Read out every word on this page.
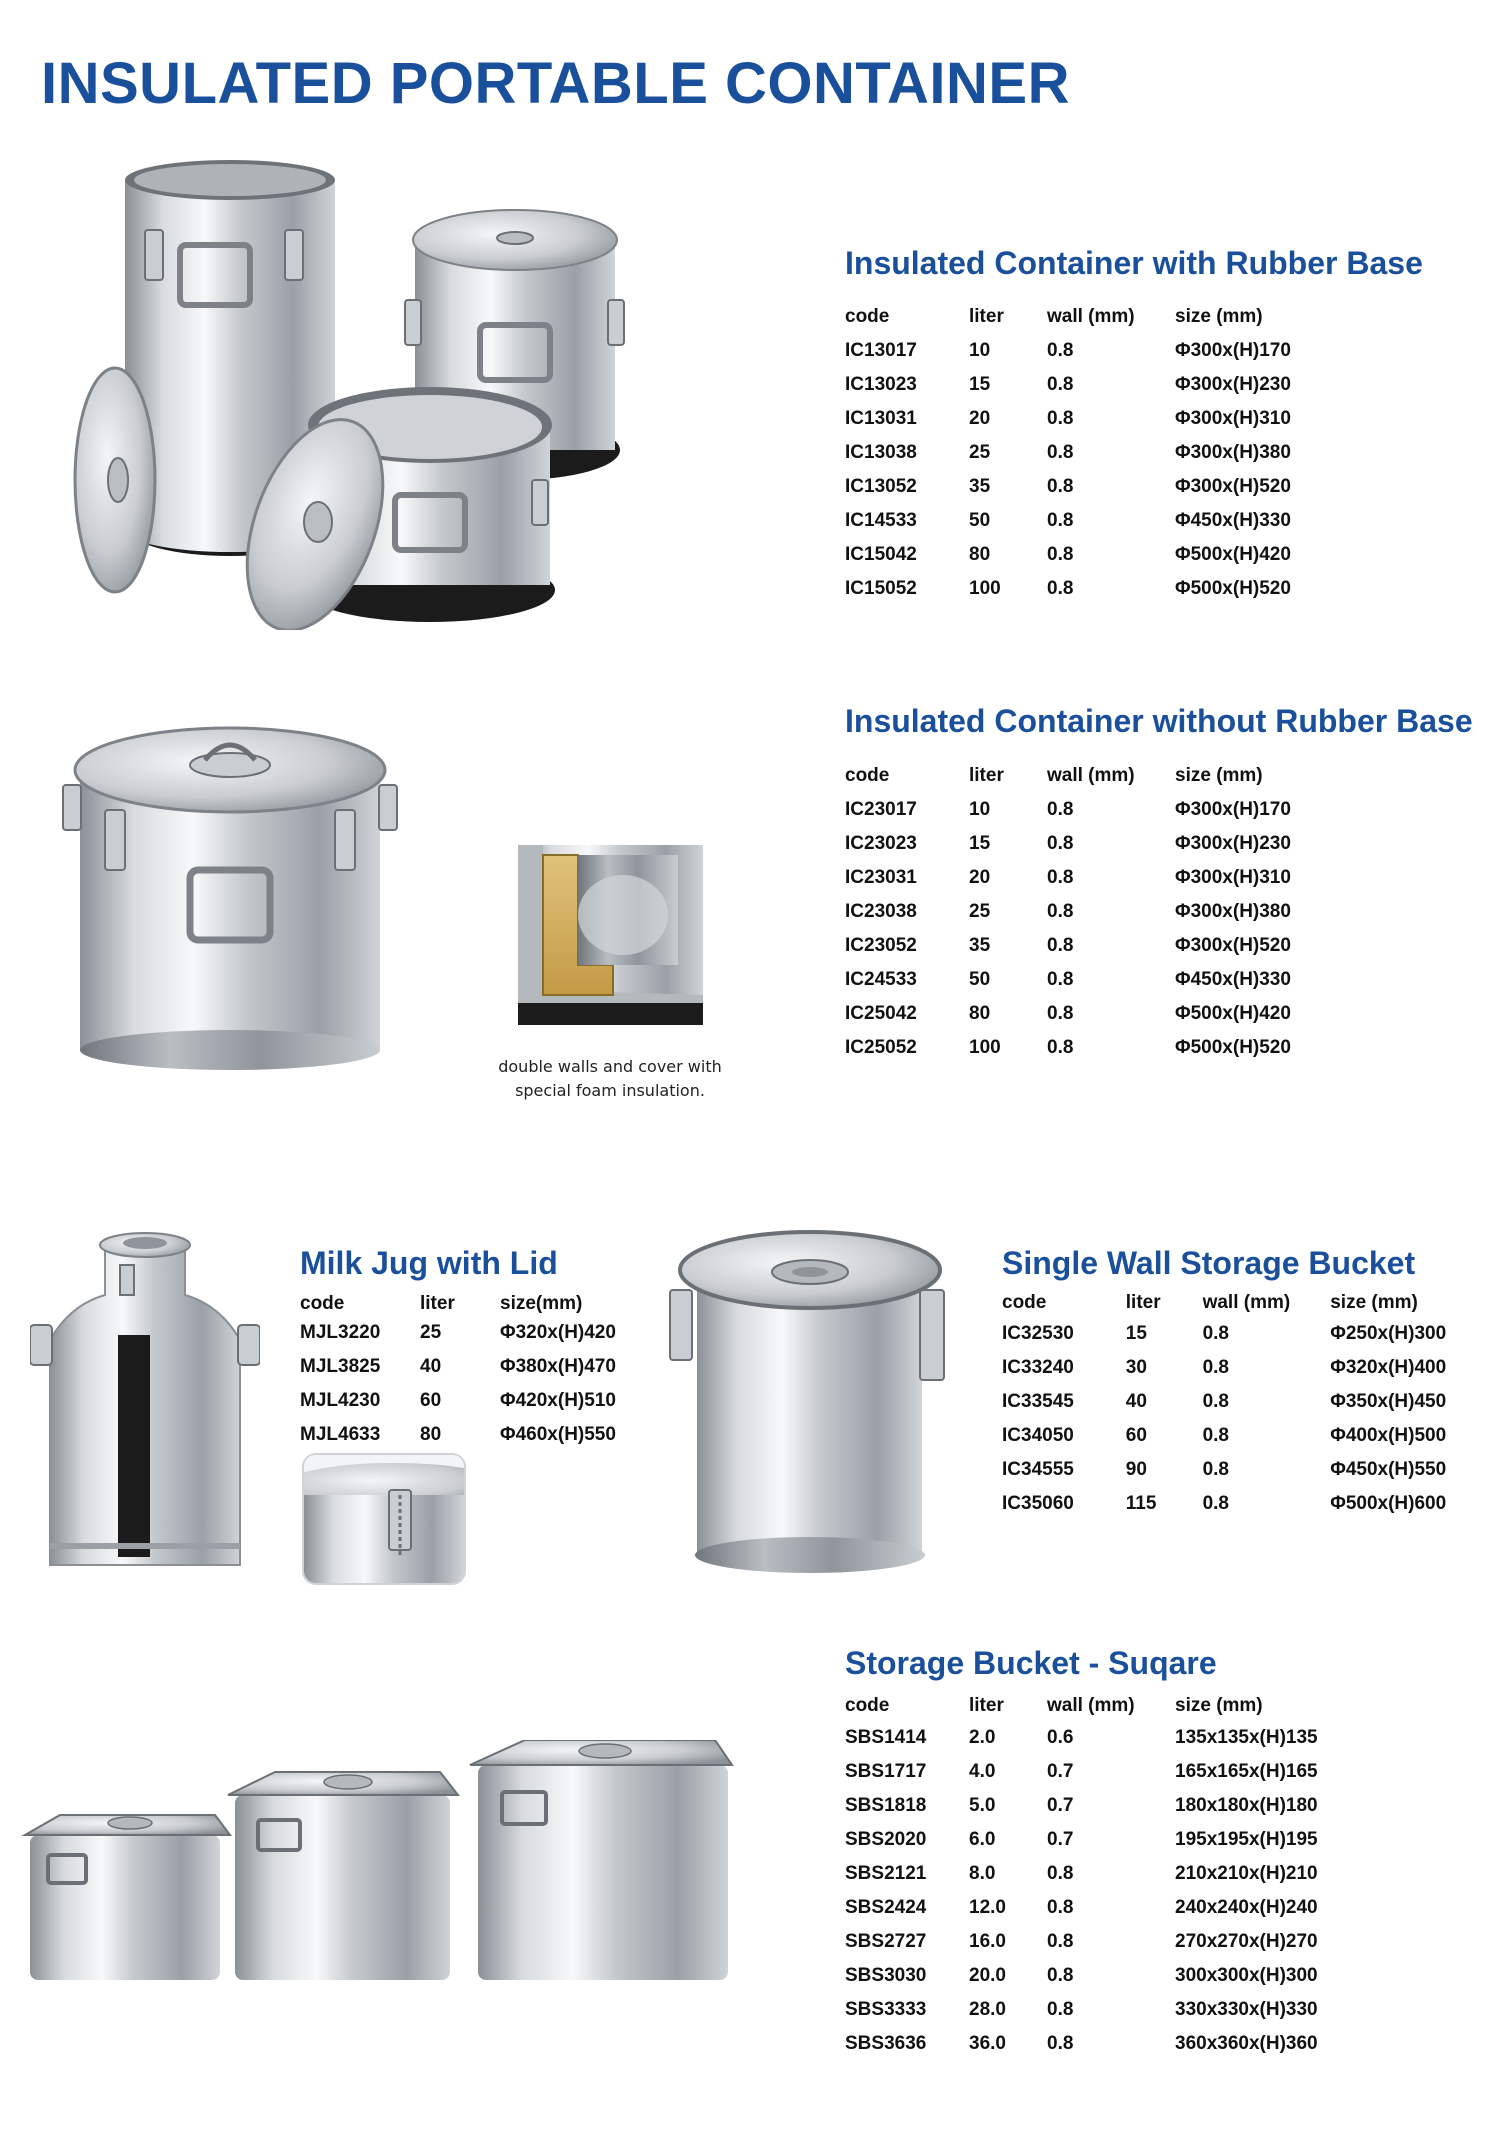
INSULATED PORTABLE CONTAINER
Insulated Container with Rubber Base
code	liter	wall (mm)	size (mm)
IC13017	10	0.8	Φ300x(H)170
IC13023	15	0.8	Φ300x(H)230
IC13031	20	0.8	Φ300x(H)310
IC13038	25	0.8	Φ300x(H)380
IC13052	35	0.8	Φ300x(H)520
IC14533	50	0.8	Φ450x(H)330
IC15042	80	0.8	Φ500x(H)420
IC15052	100	0.8	Φ500x(H)520
double walls and cover with
special foam insulation.
Insulated Container without Rubber Base
code	liter	wall (mm)	size (mm)
IC23017	10	0.8	Φ300x(H)170
IC23023	15	0.8	Φ300x(H)230
IC23031	20	0.8	Φ300x(H)310
IC23038	25	0.8	Φ300x(H)380
IC23052	35	0.8	Φ300x(H)520
IC24533	50	0.8	Φ450x(H)330
IC25042	80	0.8	Φ500x(H)420
IC25052	100	0.8	Φ500x(H)520
Milk Jug with Lid
code	liter	size(mm)
MJL3220	25	Φ320x(H)420
MJL3825	40	Φ380x(H)470
MJL4230	60	Φ420x(H)510
MJL4633	80	Φ460x(H)550
Single Wall Storage Bucket
code	liter	wall (mm)	size (mm)
IC32530	15	0.8	Φ250x(H)300
IC33240	30	0.8	Φ320x(H)400
IC33545	40	0.8	Φ350x(H)450
IC34050	60	0.8	Φ400x(H)500
IC34555	90	0.8	Φ450x(H)550
IC35060	115	0.8	Φ500x(H)600
Storage Bucket - Suqare
code	liter	wall (mm)	size (mm)
SBS1414	2.0	0.6	135x135x(H)135
SBS1717	4.0	0.7	165x165x(H)165
SBS1818	5.0	0.7	180x180x(H)180
SBS2020	6.0	0.7	195x195x(H)195
SBS2121	8.0	0.8	210x210x(H)210
SBS2424	12.0	0.8	240x240x(H)240
SBS2727	16.0	0.8	270x270x(H)270
SBS3030	20.0	0.8	300x300x(H)300
SBS3333	28.0	0.8	330x330x(H)330
SBS3636	36.0	0.8	360x360x(H)360
